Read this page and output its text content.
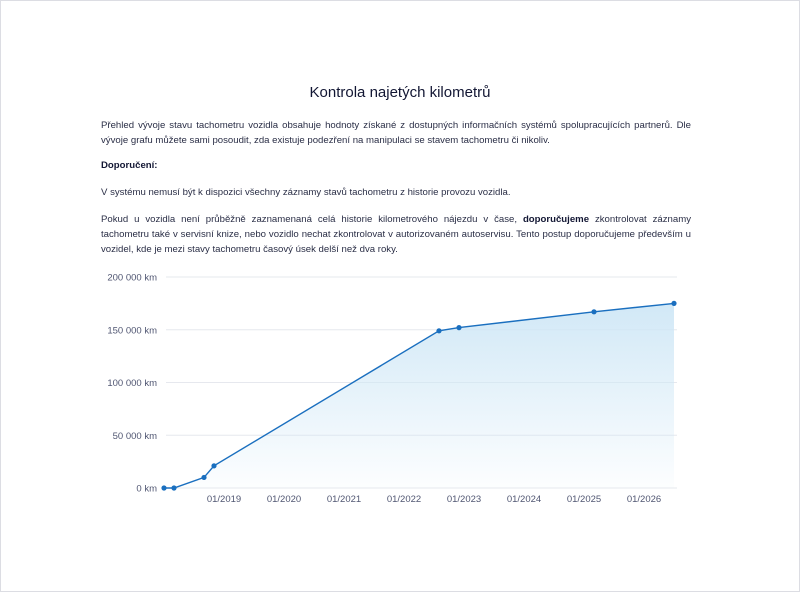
Kontrola najetých kilometrů

Přehled vývoje stavu tachometru vozidla obsahuje hodnoty získané z dostupných informačních systémů spolupracujících partnerů. Dle vývoje grafu můžete sami posoudit, zda existuje podezření na manipulaci se stavem tachometru či nikoliv.

Doporučení:

V systému nemusí být k dispozici všechny záznamy stavů tachometru z historie provozu vozidla.

Pokud u vozidla není průběžně zaznamenaná celá historie kilometrového nájezdu v čase, doporučujeme zkontrolovat záznamy tachometru také v servisní knize, nebo vozidlo nechat zkontrolovat v autorizovaném autoservisu. Tento postup doporučujeme především u vozidel, kde je mezi stavy tachometru časový úsek delší než dva roky.

0 km
50 000 km
100 000 km
150 000 km
200 000 km
01/2019	01/2020	01/2021	01/2022	01/2023	01/2024	01/2025	01/2026
